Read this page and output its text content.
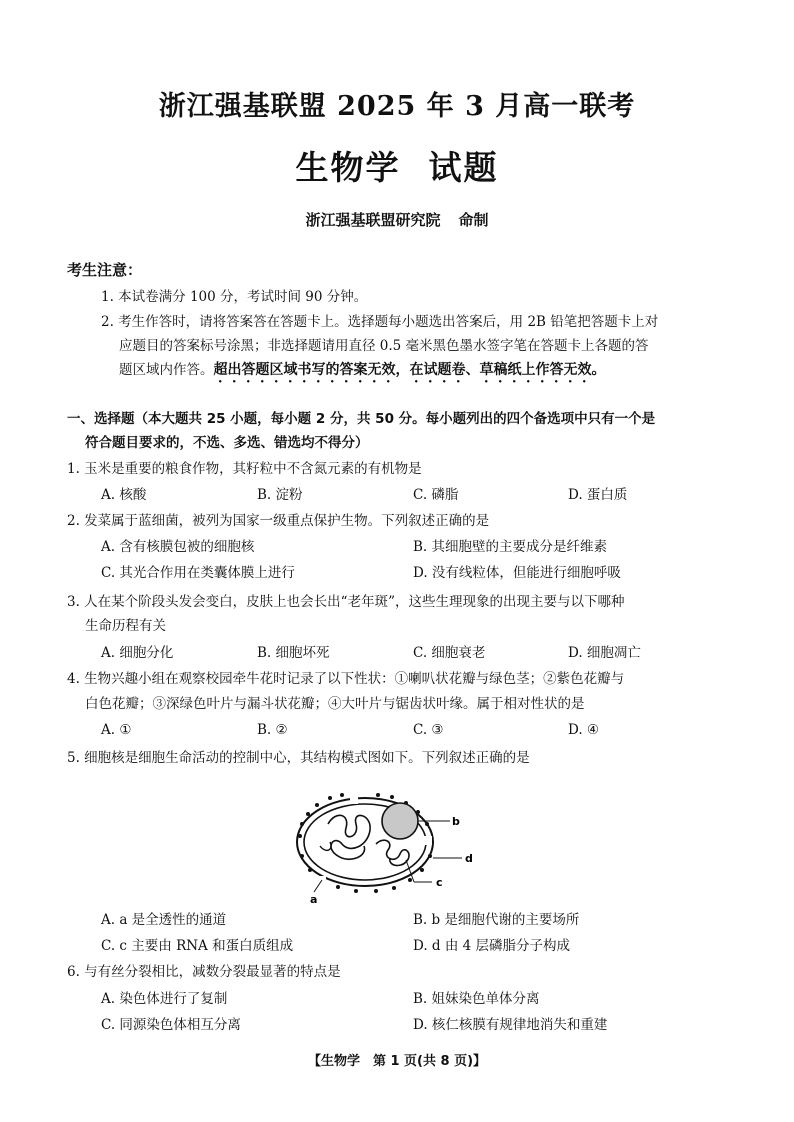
浙江强基联盟 2025 年 3 月高一联考
生物学 试题
浙江强基联盟研究院 命制
考生注意：
1. 本试卷满分 100 分，考试时间 90 分钟。
2. 考生作答时，请将答案答在答题卡上。选择题每小题选出答案后，用 2B 铅笔把答题卡上对
应题目的答案标号涂黑；非选择题请用直径 0.5 毫米黑色墨水签字笔在答题卡上各题的答
题区域内作答。超出答题区域书写的答案无效，在试题卷、草稿纸上作答无效。
一、选择题（本大题共 25 小题，每小题 2 分，共 50 分。每小题列出的四个备选项中只有一个是
符合题目要求的，不选、多选、错选均不得分）
1. 玉米是重要的粮食作物，其籽粒中不含氮元素的有机物是
A. 核酸	B. 淀粉	C. 磷脂	D. 蛋白质
2. 发菜属于蓝细菌，被列为国家一级重点保护生物。下列叙述正确的是
A. 含有核膜包被的细胞核	B. 其细胞壁的主要成分是纤维素
C. 其光合作用在类囊体膜上进行	D. 没有线粒体，但能进行细胞呼吸
3. 人在某个阶段头发会变白，皮肤上也会长出“老年斑”，这些生理现象的出现主要与以下哪种
生命历程有关
A. 细胞分化	B. 细胞坏死	C. 细胞衰老	D. 细胞凋亡
4. 生物兴趣小组在观察校园牵牛花时记录了以下性状：①喇叭状花瓣与绿色茎；②紫色花瓣与
白色花瓣；③深绿色叶片与漏斗状花瓣；④大叶片与锯齿状叶缘。属于相对性状的是
A. ①	B. ②	C. ③	D. ④
5. 细胞核是细胞生命活动的控制中心，其结构模式图如下。下列叙述正确的是
a
b
c
d
A. a 是全透性的通道	B. b 是细胞代谢的主要场所
C. c 主要由 RNA 和蛋白质组成	D. d 由 4 层磷脂分子构成
6. 与有丝分裂相比，减数分裂最显著的特点是
A. 染色体进行了复制	B. 姐妹染色单体分离
C. 同源染色体相互分离	D. 核仁核膜有规律地消失和重建
【生物学　第 1 页(共 8 页)】
